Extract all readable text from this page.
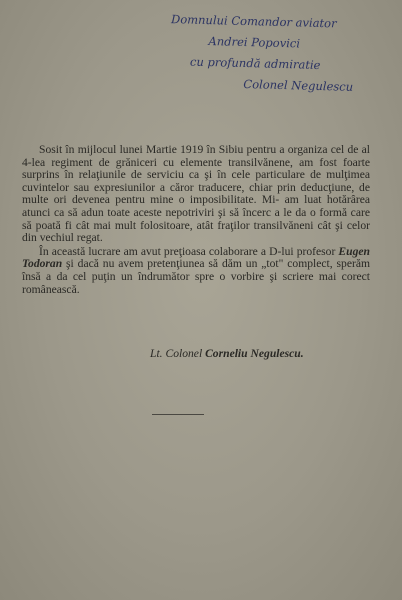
Domnului Comandor aviator
Andrei Popovici
cu profundă admiratie
Colonel Negulescu

Sosit în mijlocul lunei Martie 1919 în Sibiu pentru a organiza cel de al 4-lea regiment de grăniceri cu elemente transilvănene, am fost foarte surprins în relaţiunile de serviciu ca şi în cele particulare de mulţimea cuvintelor sau expresiunilor a căror traducere, chiar prin deducţiune, de multe ori devenea pentru mine o imposibilitate. Mi- am luat hotărârea atunci ca să adun toate aceste nepotriviri şi să încerc a le da o formă care să poată fi cât mai mult folositoare, atât fraţilor transilvăneni cât şi celor din vechiul regat.

În această lucrare am avut preţioasa colaborare a D-lui profesor Eugen Todoran şi dacă nu avem pretenţiunea să dăm un „tot" complect, sperăm însă a da cel puţin un îndrumător spre o vorbire şi scriere mai corect românească.

Lt. Colonel Corneliu Negulescu.
